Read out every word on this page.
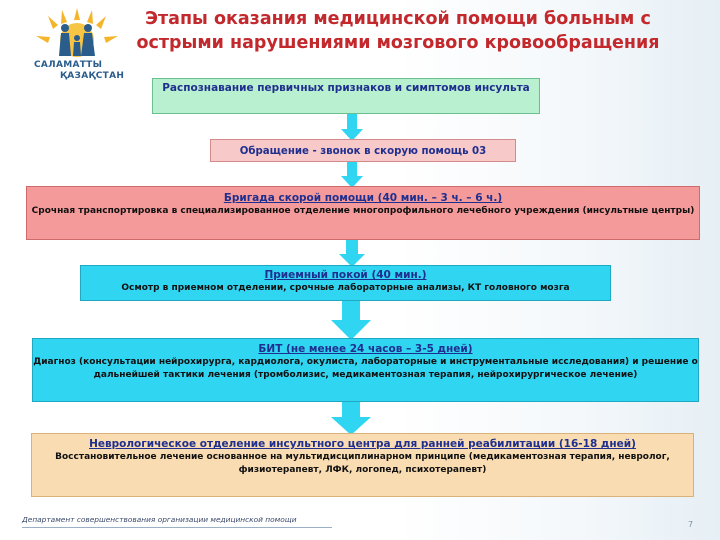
САЛАМАТТЫ
ҚАЗАҚСТАН
Этапы оказания медицинской помощи больным с
острыми нарушениями мозгового кровообращения
Распознавание первичных признаков и симптомов инсульта
Обращение - звонок в скорую помощь 03
Бригада скорой помощи (40 мин. – 3 ч. – 6 ч.)
Срочная транспортировка в специализированное отделение многопрофильного лечебного учреждения (инсультные центры)
Приемный покой (40 мин.)
Осмотр в приемном отделении, срочные лабораторные анализы, КТ головного мозга
БИТ (не менее 24 часов – 3-5 дней)
Диагноз (консультации нейрохирурга, кардиолога, окулиста, лабораторные и инструментальные исследования) и решение о дальнейшей тактики лечения (тромболизис, медикаментозная терапия, нейрохирургическое лечение)
Неврологическое отделение инсультного центра для ранней реабилитации (16-18 дней)
Восстановительное лечение основанное на мультидисциплинарном принципе (медикаментозная терапия, невролог, физиотерапевт, ЛФК, логопед, психотерапевт)
Департамент совершенствования организации медицинской помощи
7
